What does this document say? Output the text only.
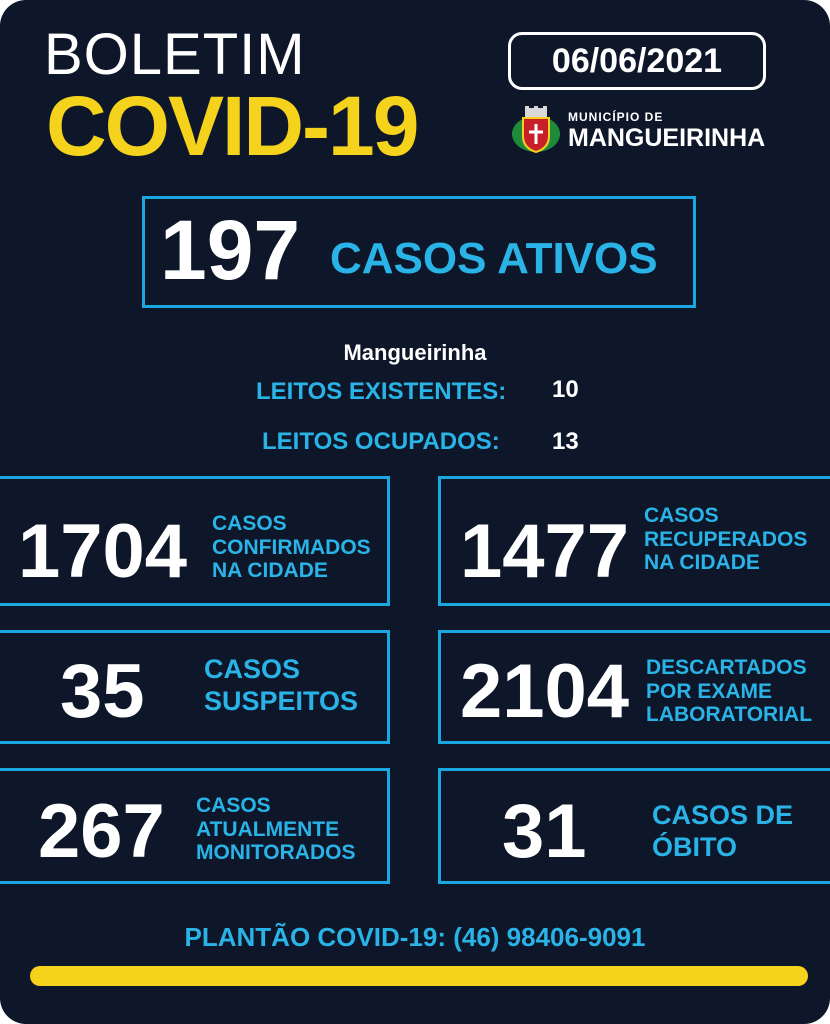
BOLETIM
COVID-19
06/06/2021
MUNICÍPIO DE
MANGUEIRINHA
197 CASOS ATIVOS
Mangueirinha
LEITOS EXISTENTES: 10
LEITOS OCUPADOS: 13
1704 CASOS
CONFIRMADOS
NA CIDADE	1477 CASOS
RECUPERADOS
NA CIDADE
35 CASOS
SUSPEITOS 2104 DESCARTADOS
POR EXAME
LABORATORIAL
267 CASOS
ATUALMENTE
MONITORADOS 31 CASOS DE
ÓBITO
PLANTÃO COVID-19: (46) 98406-9091
